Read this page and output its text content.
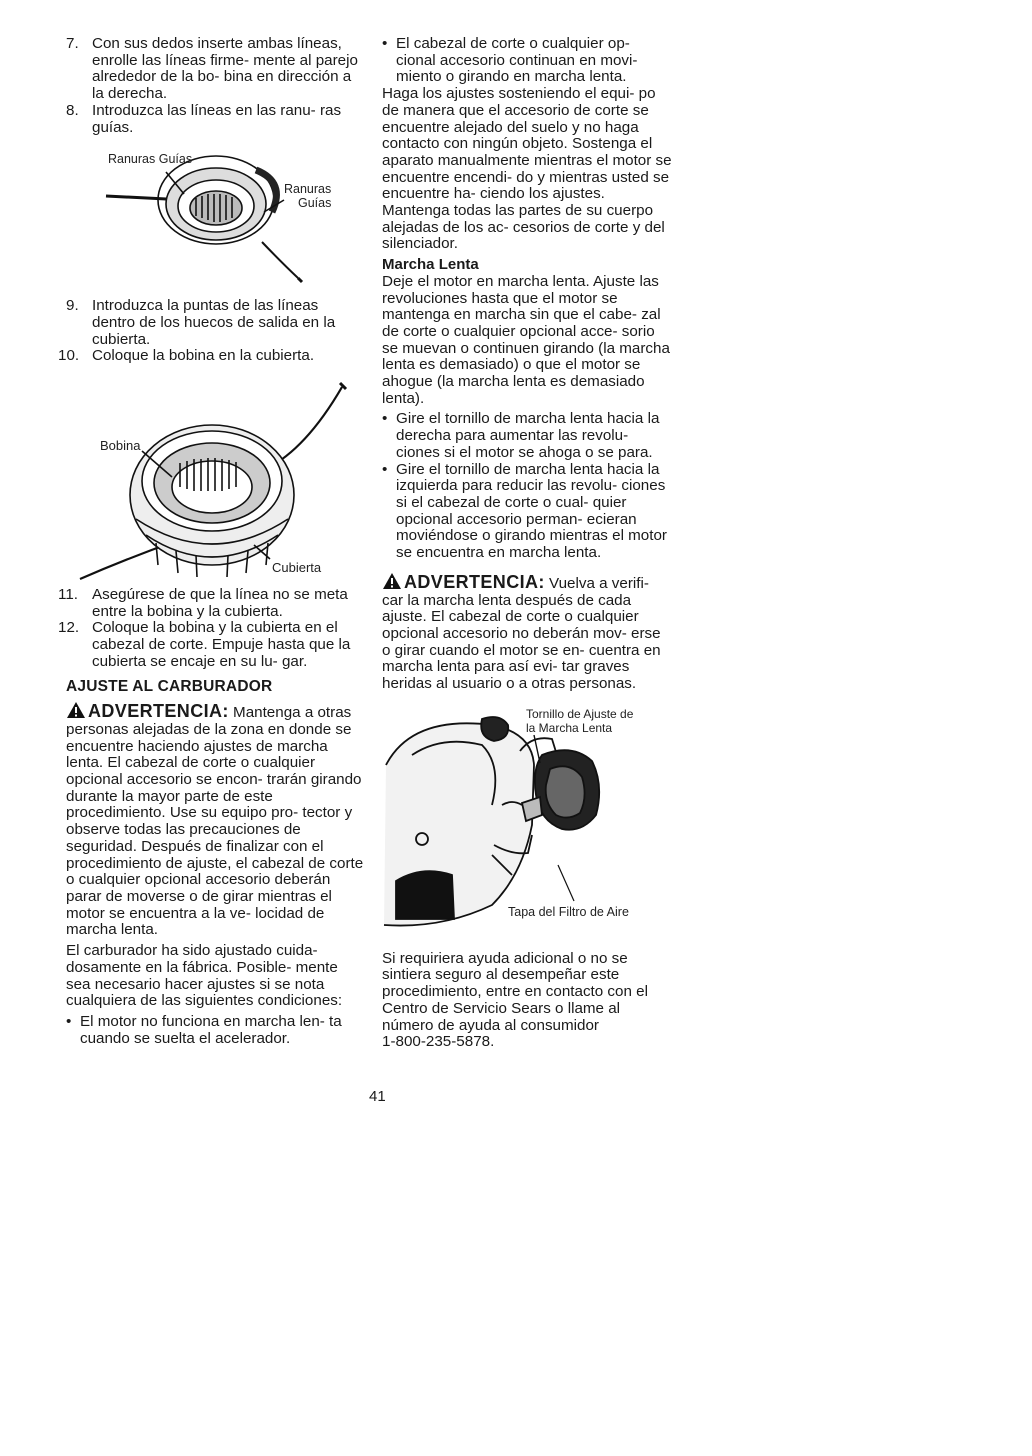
7. Con sus dedos inserte ambas líneas, enrolle las líneas firme- mente al parejo alrededor de la bo- bina en dirección a la derecha.
8. Introduzca las líneas en las ranu- ras guías.
Ranuras Guías
Ranuras
Guías
9. Introduzca la puntas de las líneas dentro de los huecos de salida en la cubierta.
10. Coloque la bobina en la cubierta.
Bobina
Cubierta
11. Asegúrese de que la línea no se meta entre la bobina y la cubierta.
12. Coloque la bobina y la cubierta en el cabezal de corte. Empuje hasta que la cubierta se encaje en su lu- gar.
AJUSTE AL CARBURADOR

ADVERTENCIA: Mantenga a otras personas alejadas de la zona en donde se encuentre haciendo ajustes de marcha lenta. El cabezal de corte o cualquier opcional accesorio se encon- trarán girando durante la mayor parte de este procedimiento. Use su equipo pro- tector y observe todas las precauciones de seguridad. Después de finalizar con el procedimiento de ajuste, el cabezal de corte o cualquier opcional accesorio deberán parar de moverse o de girar mientras el motor se encuentra a la ve- locidad de marcha lenta.

El carburador ha sido ajustado cuida- dosamente en la fábrica. Posible- mente sea necesario hacer ajustes si se nota cualquiera de las siguientes condiciones:

• El motor no funciona en marcha len- ta cuando se suelta el acelerador.
• El cabezal de corte o cualquier op- cional accesorio continuan en movi- miento o girando en marcha lenta.

Haga los ajustes sosteniendo el equi- po de manera que el accesorio de corte se encuentre alejado del suelo y no haga contacto con ningún objeto. Sostenga el aparato manualmente mientras el motor se encuentre encendi- do y mientras usted se encuentre ha- ciendo los ajustes. Mantenga todas las partes de su cuerpo alejadas de los ac- cesorios de corte y del silenciador.

Marcha Lenta

Deje el motor en marcha lenta. Ajuste las revoluciones hasta que el motor se mantenga en marcha sin que el cabe- zal de corte o cualquier opcional acce- sorio se muevan o continuen girando (la marcha lenta es demasiado) o que el motor se ahogue (la marcha lenta es demasiado lenta).

• Gire el tornillo de marcha lenta hacia la derecha para aumentar las revolu- ciones si el motor se ahoga o se para.
• Gire el tornillo de marcha lenta hacia la izquierda para reducir las revolu- ciones si el cabezal de corte o cual- quier opcional accesorio perman- ecieran moviéndose o girando mientras el motor se encuentra en marcha lenta.

ADVERTENCIA: Vuelva a verifi- car la marcha lenta después de cada ajuste. El cabezal de corte o cualquier opcional accesorio no deberán mov- erse o girar cuando el motor se en- cuentra en marcha lenta para así evi- tar graves heridas al usuario o a otras personas.

Tornillo de Ajuste de
la Marcha Lenta
Tapa del Filtro de Aire

Si requiriera ayuda adicional o no se sintiera seguro al desempeñar este procedimiento, entre en contacto con el Centro de Servicio Sears o llame al número de ayuda al consumidor

1-800-235-5878.

41
